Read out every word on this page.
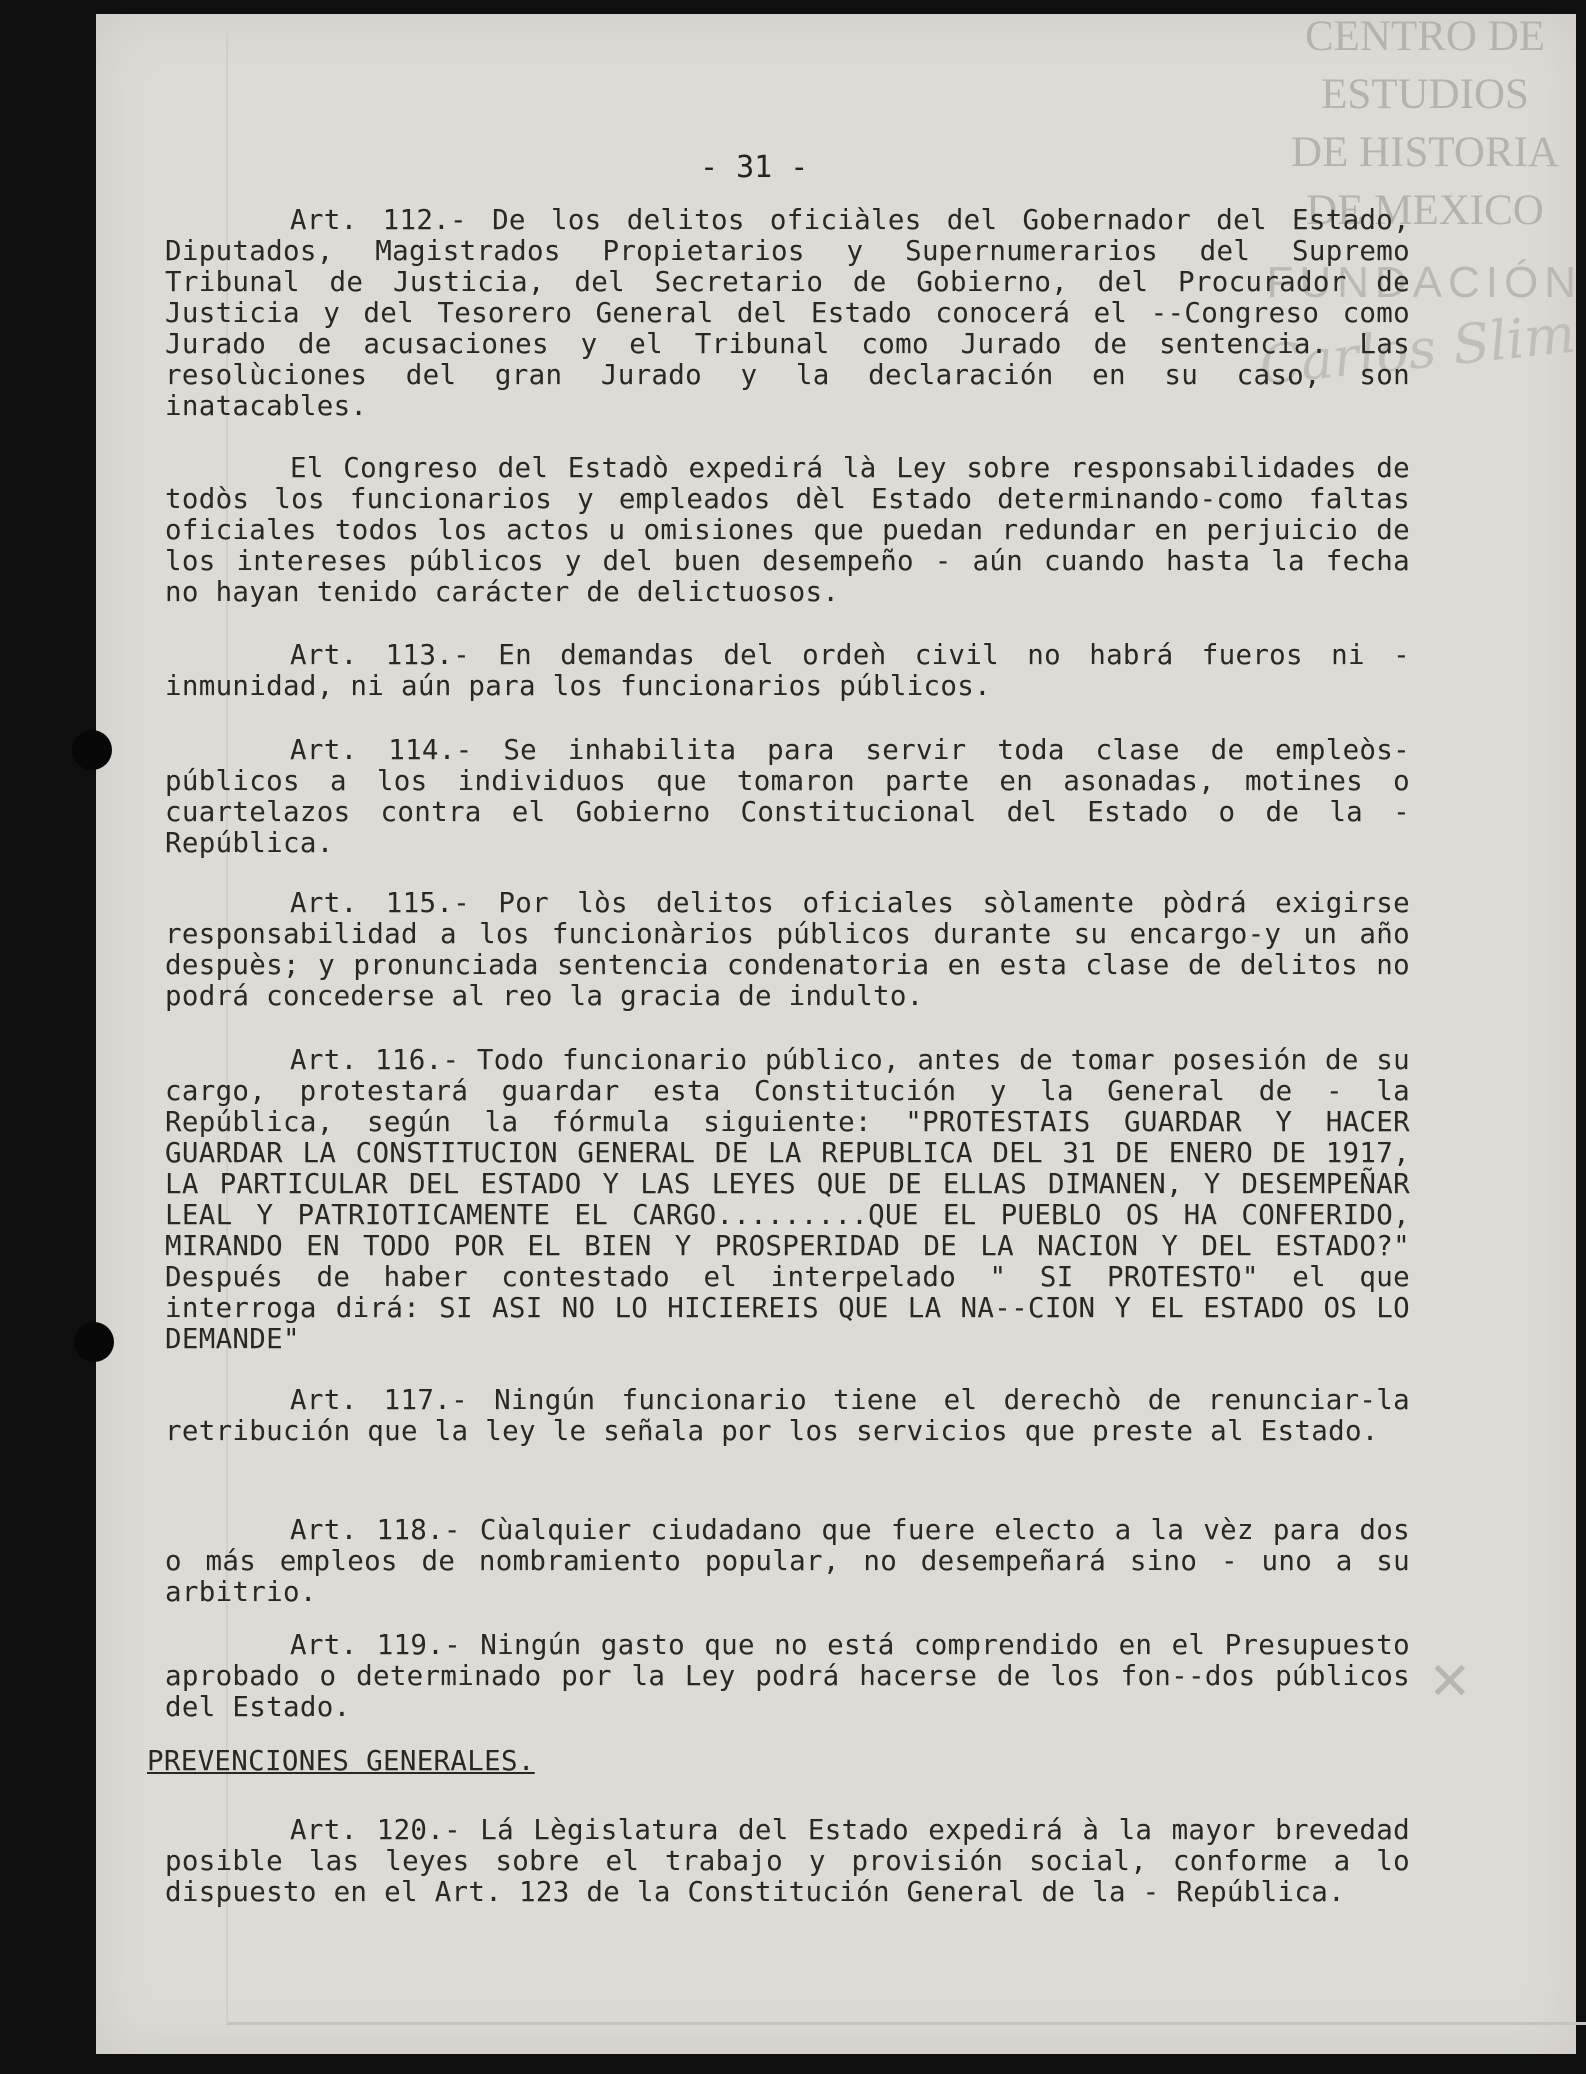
CENTRO DE
ESTUDIOS
DE HISTORIA
DE MEXICO
FUNDACIÓN
Carlos Slim
- 31 -
Art. 112.- De los delitos oficiàles del Gobernador del Estado, Diputados, Magistrados Propietarios y Supernumerarios del Supremo Tribunal de Justicia, del Secretario de Gobierno, del Procurador de Justicia y del Tesorero General del Estado conocerá el --Congreso como Jurado de acusaciones y el Tribunal como Jurado de sentencia. Las resolùciones del gran Jurado y la declaración en su caso, son inatacables.
El Congreso del Estadò expedirá là Ley sobre responsabilidades de todòs los funcionarios y empleados dèl Estado determinando-como faltas oficiales todos los actos u omisiones que puedan redundar en perjuicio de los intereses públicos y del buen desempeño - aún cuando hasta la fecha no hayan tenido carácter de delictuosos.
Art. 113.- En demandas del ordeǹ civil no habrá fueros ni - inmunidad, ni aún para los funcionarios públicos.
Art. 114.- Se inhabilita para servir toda clase de empleòs-públicos a los individuos que tomaron parte en asonadas, motines o cuartelazos contra el Gobierno Constitucional del Estado o de la - República.
Art. 115.- Por lòs delitos oficiales sòlamente pòdrá exigirse responsabilidad a los funcionàrios públicos durante su encargo-y un año despuès; y pronunciada sentencia condenatoria en esta clase de delitos no podrá concederse al reo la gracia de indulto.
Art. 116.- Todo funcionario público, antes de tomar posesión de su cargo, protestará guardar esta Constitución y la General de - la República, según la fórmula siguiente: "PROTESTAIS GUARDAR Y HACER GUARDAR LA CONSTITUCION GENERAL DE LA REPUBLICA DEL 31 DE ENERO DE 1917, LA PARTICULAR DEL ESTADO Y LAS LEYES QUE DE ELLAS DIMANEN, Y DESEMPEÑAR LEAL Y PATRIOTICAMENTE EL CARGO.........QUE EL PUEBLO OS HA CONFERIDO, MIRANDO EN TODO POR EL BIEN Y PROSPERIDAD DE LA NACION Y DEL ESTADO?" Después de haber contestado el interpelado " SI PROTESTO" el que interroga dirá: SI ASI NO LO HICIEREIS QUE LA NA--CION Y EL ESTADO OS LO DEMANDE"
Art. 117.- Ningún funcionario tiene el derechò de renunciar-la retribución que la ley le señala por los servicios que preste al Estado.
Art. 118.- Cùalquier ciudadano que fuere electo a la vèz para dos o más empleos de nombramiento popular, no desempeñará sino - uno a su arbitrio.
Art. 119.- Ningún gasto que no está comprendido en el Presupuesto aprobado o determinado por la Ley podrá hacerse de los fon--dos públicos del Estado.	✕
PREVENCIONES GENERALES.
Art. 120.- Lá Lègislatura del Estado expedirá à la mayor brevedad posible las leyes sobre el trabajo y provisión social, conforme a lo dispuesto en el Art. 123 de la Constitución General de la - República.
